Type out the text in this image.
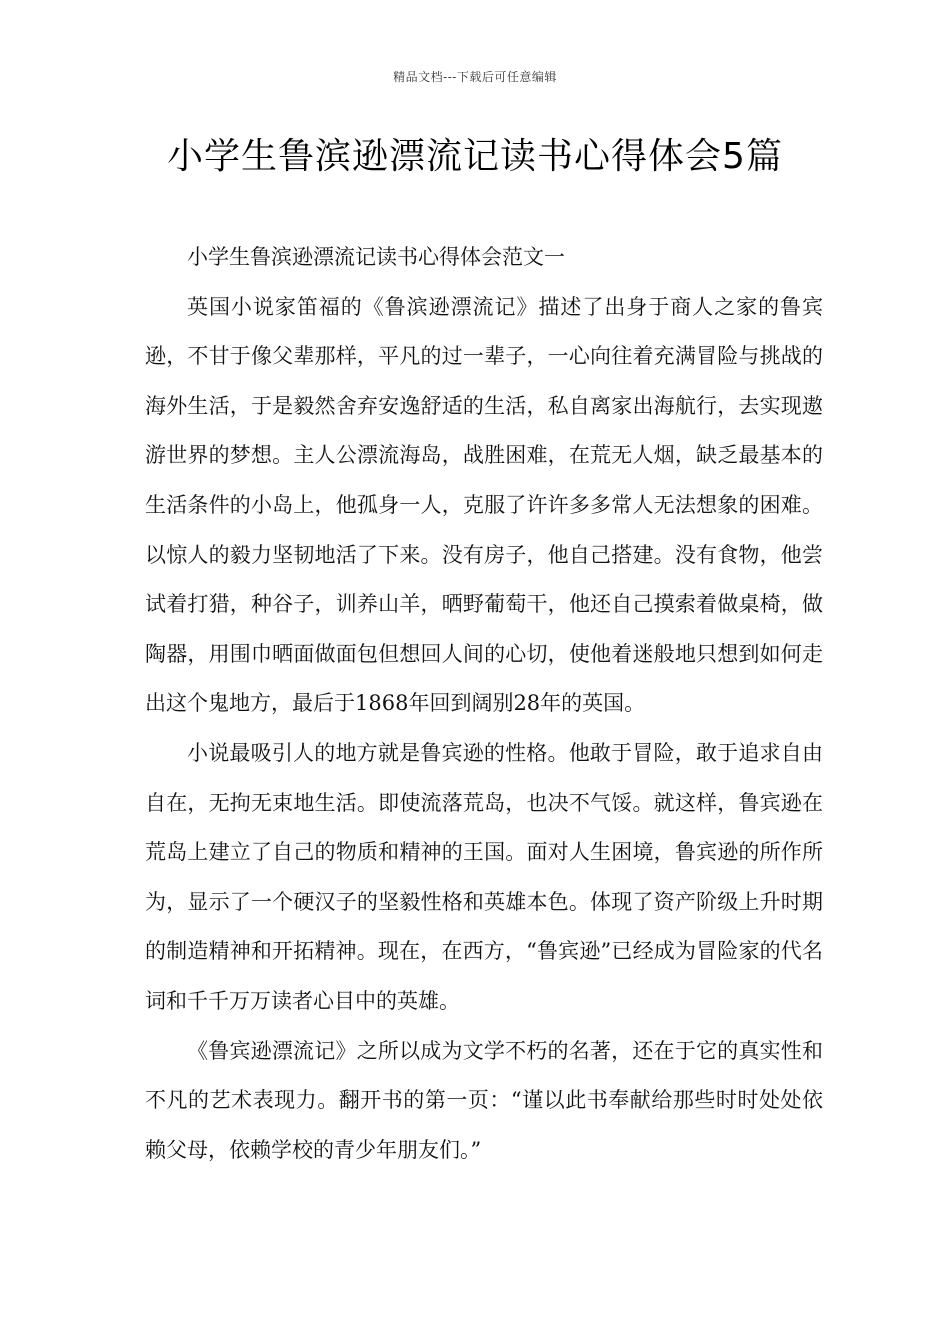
精品文档---下载后可任意编辑
小学生鲁滨逊漂流记读书心得体会5篇

小学生鲁滨逊漂流记读书心得体会范文一

英国小说家笛福的《鲁滨逊漂流记》描述了出身于商人之家的鲁宾逊，不甘于像父辈那样，平凡的过一辈子，一心向往着充满冒险与挑战的海外生活，于是毅然舍弃安逸舒适的生活，私自离家出海航行，去实现遨游世界的梦想。主人公漂流海岛，战胜困难，在荒无人烟，缺乏最基本的生活条件的小岛上，他孤身一人，克服了许许多多常人无法想象的困难。以惊人的毅力坚韧地活了下来。没有房子，他自己搭建。没有食物，他尝试着打猎，种谷子，训养山羊，晒野葡萄干，他还自己摸索着做桌椅，做陶器，用围巾晒面做面包但想回人间的心切，使他着迷般地只想到如何走出这个鬼地方，最后于1868年回到阔别28年的英国。

小说最吸引人的地方就是鲁宾逊的性格。他敢于冒险，敢于追求自由自在，无拘无束地生活。即使流落荒岛，也决不气馁。就这样，鲁宾逊在荒岛上建立了自己的物质和精神的王国。面对人生困境，鲁宾逊的所作所为，显示了一个硬汉子的坚毅性格和英雄本色。体现了资产阶级上升时期的制造精神和开拓精神。现在，在西方，“鲁宾逊”已经成为冒险家的代名词和千千万万读者心目中的英雄。

《鲁宾逊漂流记》之所以成为文学不朽的名著，还在于它的真实性和不凡的艺术表现力。翻开书的第一页：“谨以此书奉献给那些时时处处依赖父母，依赖学校的青少年朋友们。”
